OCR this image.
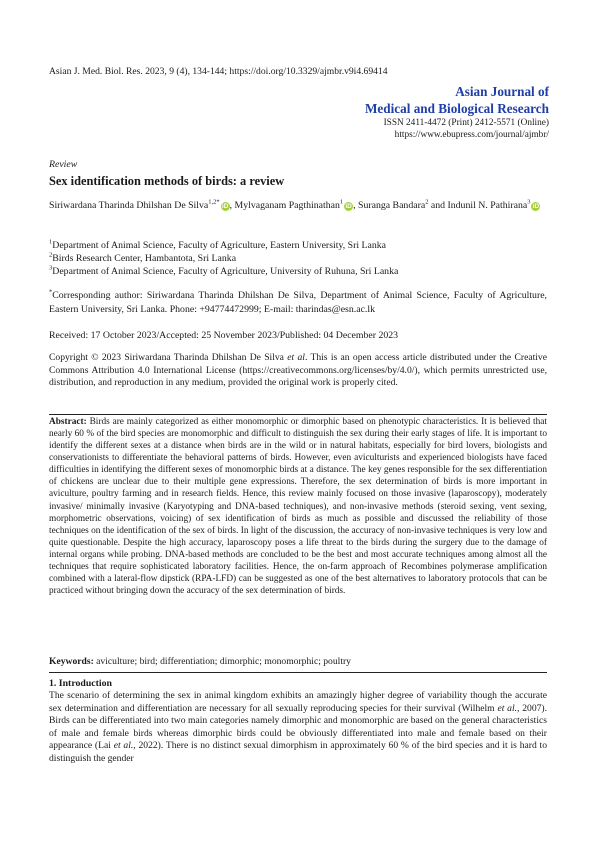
Asian J. Med. Biol. Res. 2023, 9 (4), 134-144; https://doi.org/10.3329/ajmbr.v9i4.69414
Asian Journal of
Medical and Biological Research
ISSN 2411-4472 (Print) 2412-5571 (Online)
https://www.ebupress.com/journal/ajmbr/
Review
Sex identification methods of birds: a review
Siriwardana Tharinda Dhilshan De Silva$^{1,2*}$iD, Mylvaganam Pagthinathan$^1$iD, Suranga Bandara$^2$ and Indunil N. Pathirana$^3$iD
$^1$Department of Animal Science, Faculty of Agriculture, Eastern University, Sri Lanka
$^2$Birds Research Center, Hambantota, Sri Lanka
$^3$Department of Animal Science, Faculty of Agriculture, University of Ruhuna, Sri Lanka
*Corresponding author: Siriwardana Tharinda Dhilshan De Silva, Department of Animal Science, Faculty of Agriculture, Eastern University, Sri Lanka. Phone: +94774472999; E-mail: tharindas@esn.ac.lk
Received: 17 October 2023/Accepted: 25 November 2023/Published: 04 December 2023
Copyright © 2023 Siriwardana Tharinda Dhilshan De Silva et al. This is an open access article distributed under the Creative Commons Attribution 4.0 International License (https://creativecommons.org/licenses/by/4.0/), which permits unrestricted use, distribution, and reproduction in any medium, provided the original work is properly cited.
Abstract: Birds are mainly categorized as either monomorphic or dimorphic based on phenotypic characteristics. It is believed that nearly 60 % of the bird species are monomorphic and difficult to distinguish the sex during their early stages of life. It is important to identify the different sexes at a distance when birds are in the wild or in natural habitats, especially for bird lovers, biologists and conservationists to differentiate the behavioral patterns of birds. However, even aviculturists and experienced biologists have faced difficulties in identifying the different sexes of monomorphic birds at a distance. The key genes responsible for the sex differentiation of chickens are unclear due to their multiple gene expressions. Therefore, the sex determination of birds is more important in aviculture, poultry farming and in research fields. Hence, this review mainly focused on those invasive (laparoscopy), moderately invasive/ minimally invasive (Karyotyping and DNA-based techniques), and non-invasive methods (steroid sexing, vent sexing, morphometric observations, voicing) of sex identification of birds as much as possible and discussed the reliability of those techniques on the identification of the sex of birds. In light of the discussion, the accuracy of non-invasive techniques is very low and quite questionable. Despite the high accuracy, laparoscopy poses a life threat to the birds during the surgery due to the damage of internal organs while probing. DNA-based methods are concluded to be the best and most accurate techniques among almost all the techniques that require sophisticated laboratory facilities. Hence, the on-farm approach of Recombines polymerase amplification combined with a lateral-flow dipstick (RPA-LFD) can be suggested as one of the best alternatives to laboratory protocols that can be practiced without bringing down the accuracy of the sex determination of birds.
Keywords: aviculture; bird; differentiation; dimorphic; monomorphic; poultry
1. Introduction
The scenario of determining the sex in animal kingdom exhibits an amazingly higher degree of variability though the accurate sex determination and differentiation are necessary for all sexually reproducing species for their survival (Wilhelm et al., 2007). Birds can be differentiated into two main categories namely dimorphic and monomorphic are based on the general characteristics of male and female birds whereas dimorphic birds could be obviously differentiated into male and female based on their appearance (Lai et al., 2022). There is no distinct sexual dimorphism in approximately 60 % of the bird species and it is hard to distinguish the gender
